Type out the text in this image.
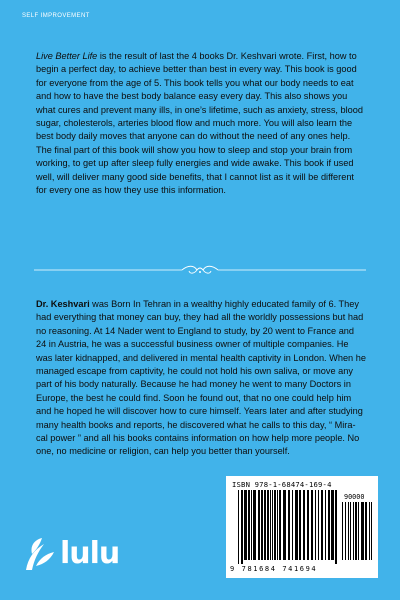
SELF IMPROVEMENT

Live Better Life is the result of last the 4 books Dr. Keshvari wrote. First, how to begin a perfect day, to achieve better than best in every way. This book is good for everyone from the age of 5. This book tells you what our body needs to eat and how to have the best body balance easy every day. This also shows you what cures and prevent many ills, in one’s lifetime, such as anxiety, stress, blood sugar, cholesterols, arteries blood flow and much more. You will also learn the best body daily moves that anyone can do without the need of any ones help. The final part of this book will show you how to sleep and stop your brain from working, to get up after sleep fully energies and wide awake. This book if used well, will deliver many good side benefits, that I cannot list as it will be different for every one as how they use this information.

Dr. Keshvari was Born In Tehran in a wealthy highly educated family of 6. They had everything that money can buy, they had all the worldly possessions but had no reasoning. At 14 Nader went to England to study, by 20 went to France and 24 in Austria, he was a successful business owner of multiple companies. He was later kidnapped, and delivered in mental health captivity in London. When he managed escape from captivity, he could not hold his own saliva, or move any part of his body naturally. Because he had money he went to many Doctors in Europe, the best he could find. Soon he found out, that no one could help him and he hoped he will discover how to cure himself. Years later and after studying many health books and reports, he discovered what he calls to this day, “ Mira-cal power ” and all his books contains information on how help more people. No one, no medicine or religion, can help you better than yourself.

lulu
ISBN 978-1-68474-169-4
90000
9 781684 741694
